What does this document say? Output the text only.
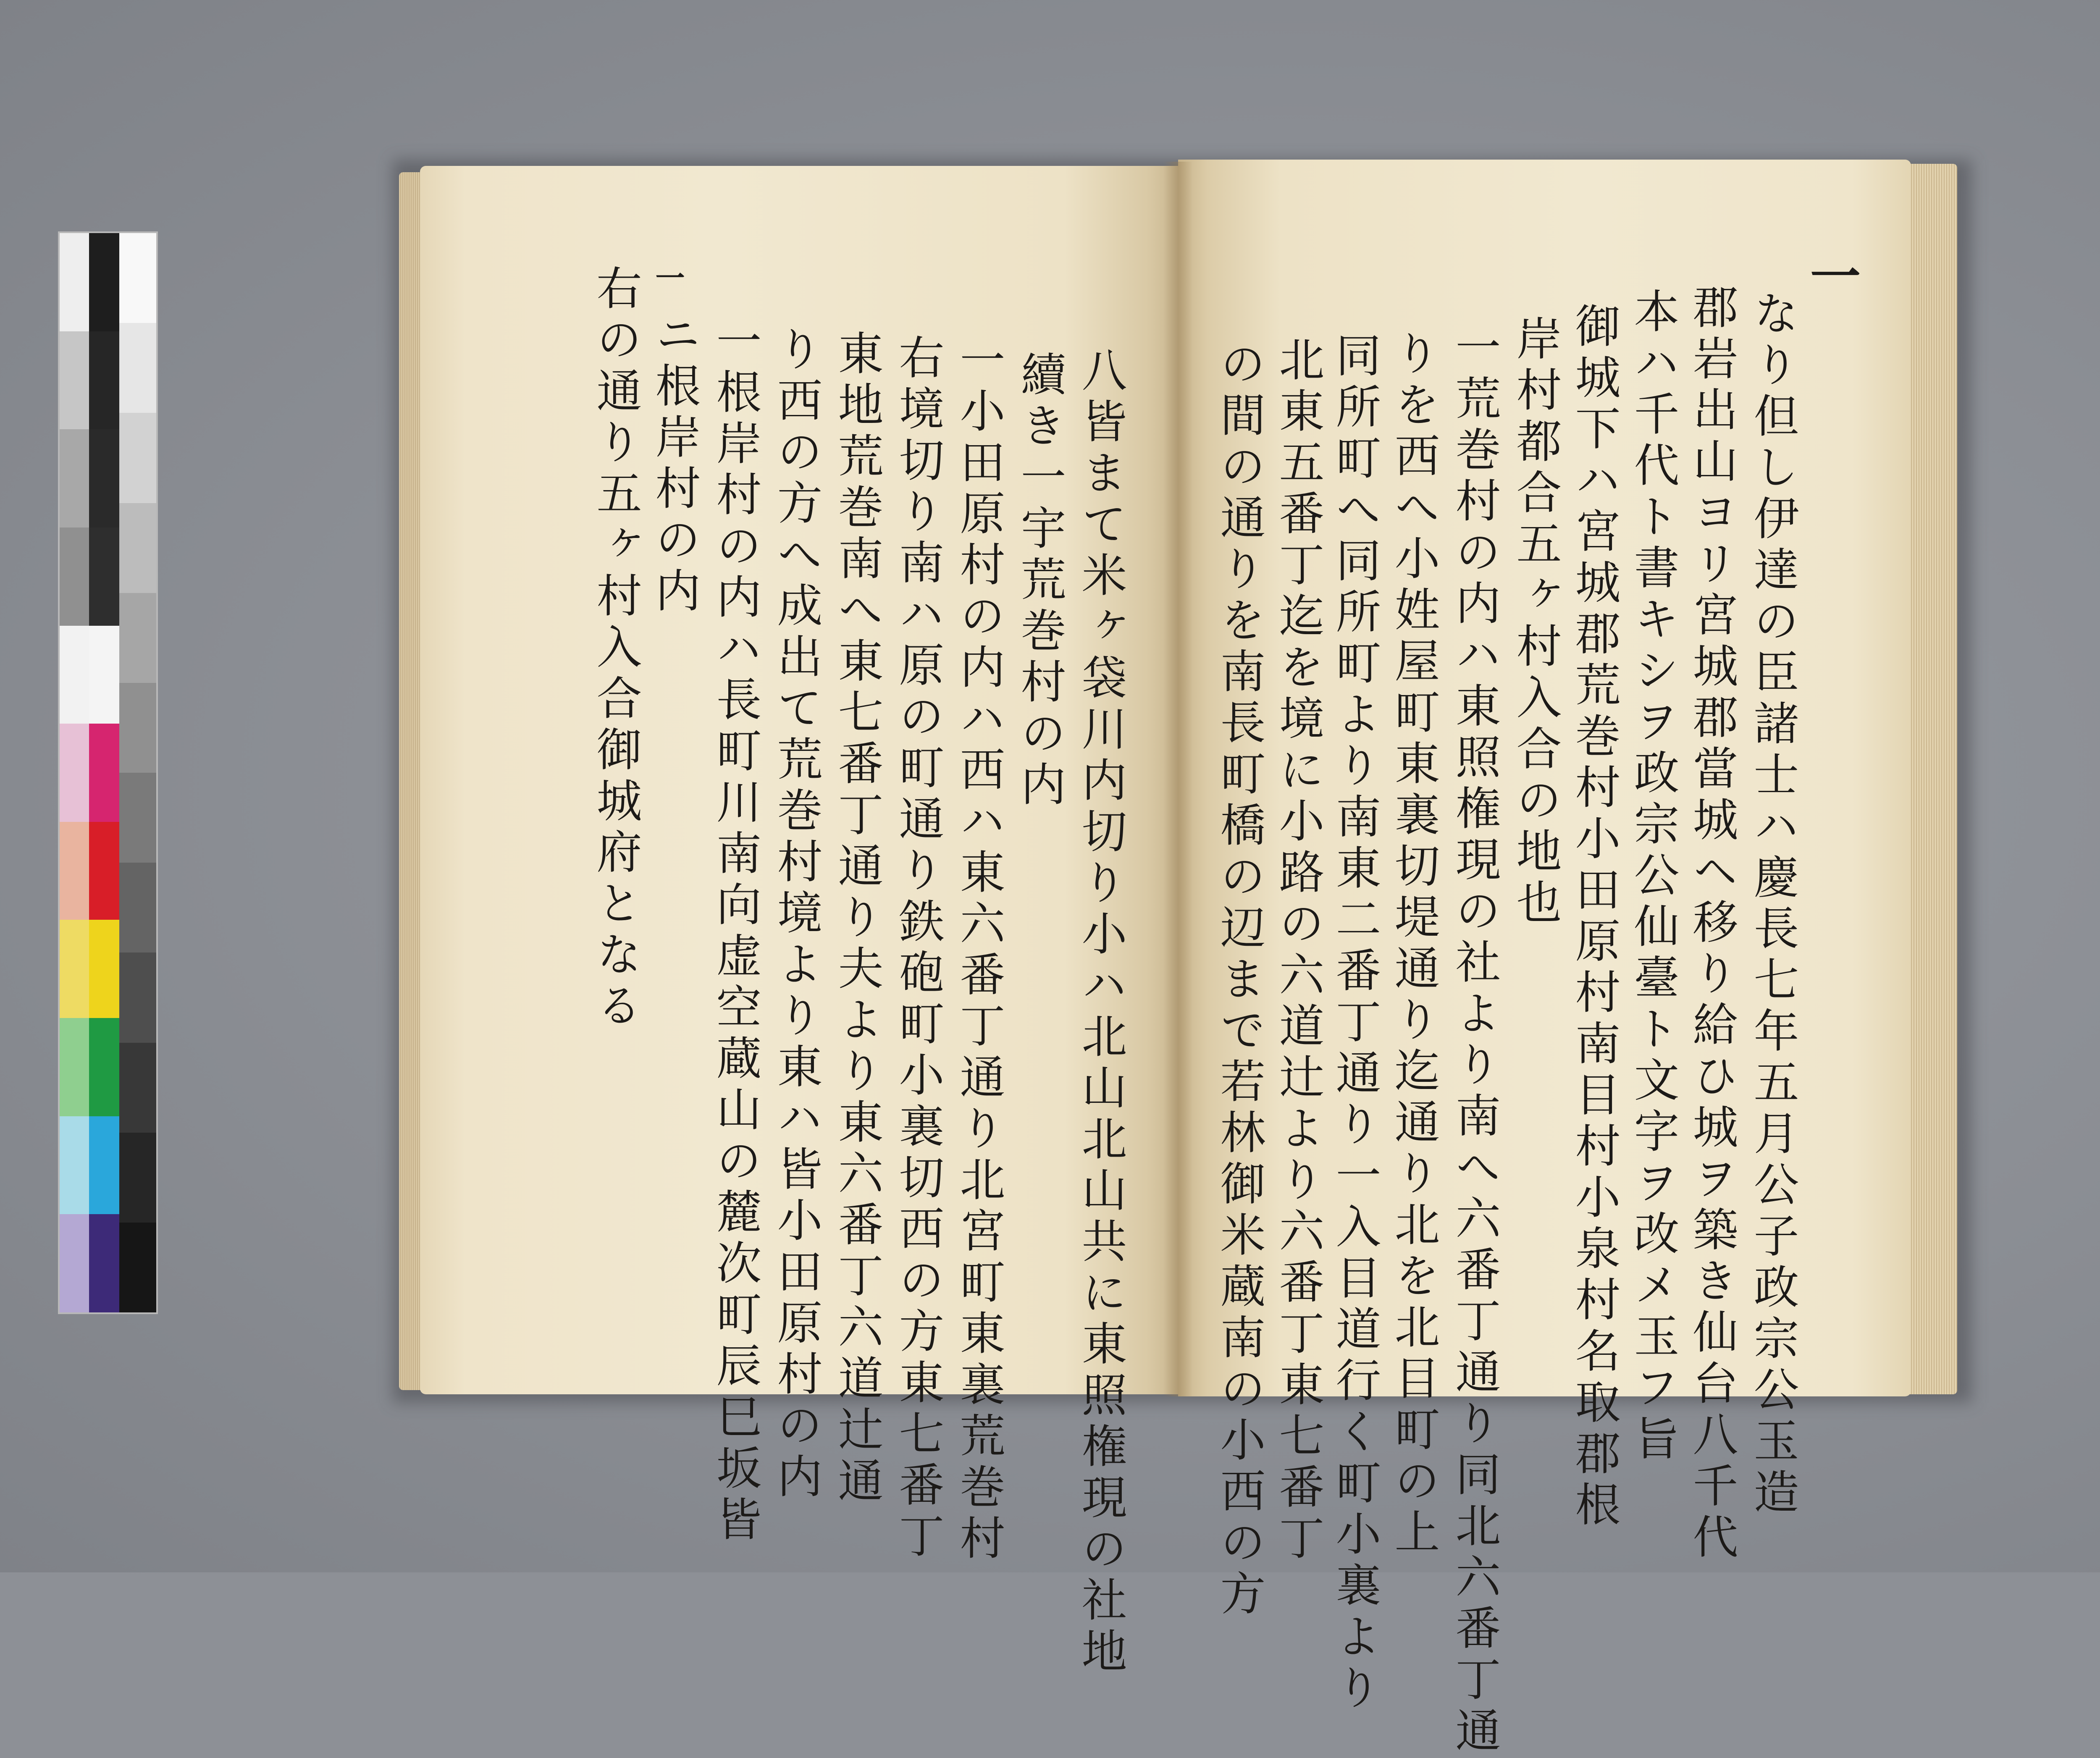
一
なり但し伊達の臣諸士ハ慶長七年五月公子政宗公玉造
郡岩出山ヨリ宮城郡當城ヘ移り給ひ城ヲ築き仙台八千代
本ハ千代ト書キシヲ政宗公仙臺ト文字ヲ改メ玉フ旨
御城下ハ宮城郡荒巻村小田原村南目村小泉村名取郡根
岸村都合五ヶ村入合の地也
一荒巻村の内ハ東照権現の社より南へ六番丁通り同北六番丁通
りを西へ小姓屋町東裏切堤通り迄通り北を北目町の上
同所町へ同所町より南東二番丁通り一入目道行く町小裏より
北東五番丁迄を境に小路の六道辻より六番丁東七番丁
の間の通りを南長町橋の辺まで若林御米蔵南の小西の方
八皆まて米ヶ袋川内切り小ハ北山北山共に東照権現の社地
續き一宇荒巻村の内
一小田原村の内ハ西ハ東六番丁通り北宮町東裏荒巻村
右境切り南ハ原の町通り鉄砲町小裏切西の方東七番丁
東地荒巻南へ東七番丁通り夫より東六番丁六道辻通
り西の方へ成出て荒巻村境より東ハ皆小田原村の内
一根岸村の内ハ長町川南向虚空蔵山の麓次町辰巳坂皆
ニ根岸村の内
一
右の通り五ヶ村入合御城府となる
